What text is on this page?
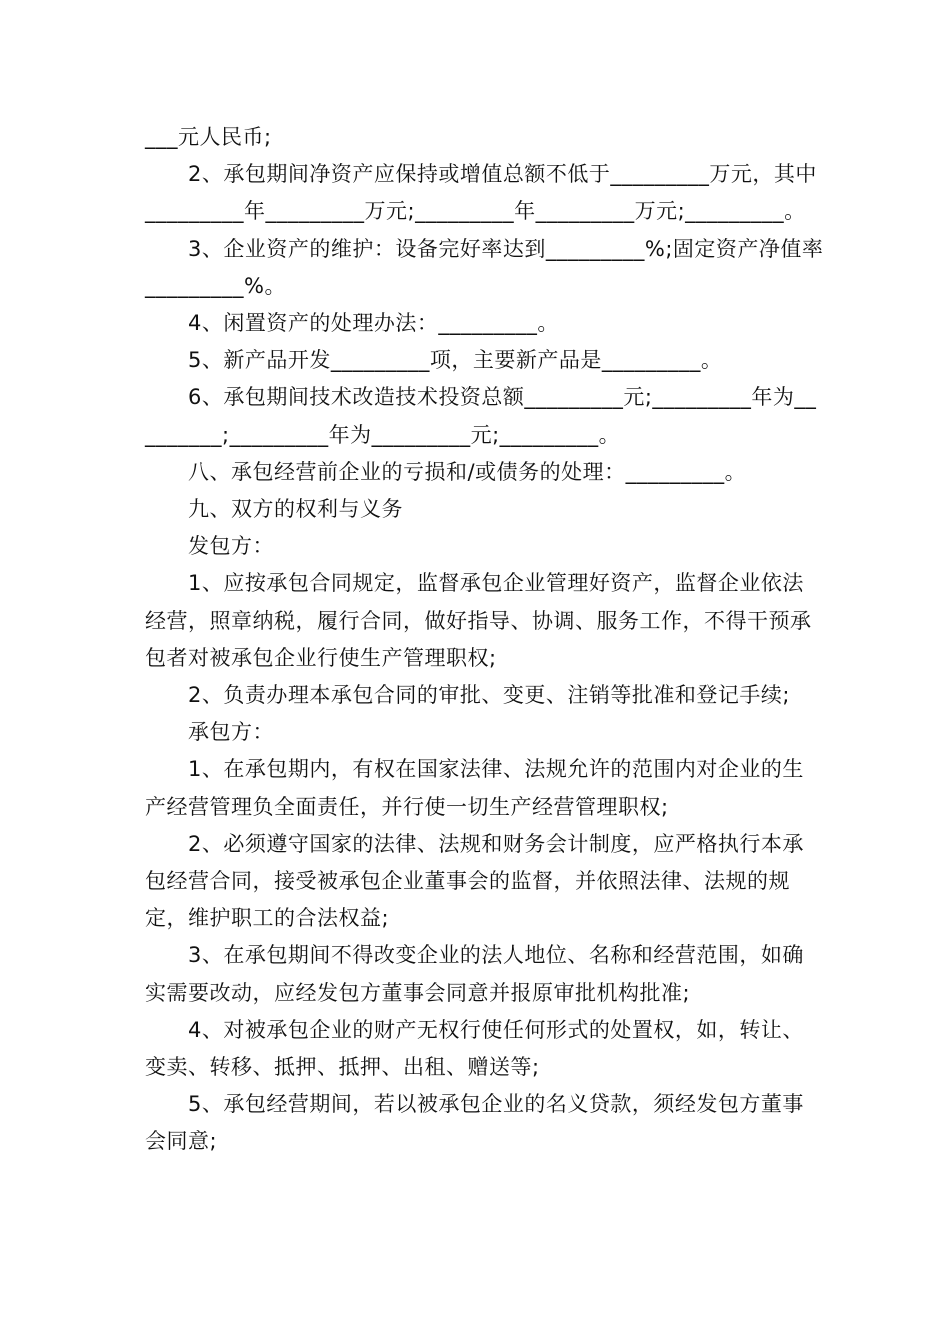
___元人民币;

2、承包期间净资产应保持或增值总额不低于_________万元，其中_________年_________万元;_________年_________万元;_________。

3、企业资产的维护：设备完好率达到_________%;固定资产净值率_________%。

4、闲置资产的处理办法：_________。

5、新产品开发_________项，主要新产品是_________。

6、承包期间技术改造技术投资总额_________元;_________年为_________;_________年为_________元;_________。

八、承包经营前企业的亏损和/或债务的处理：_________。

九、双方的权利与义务

发包方：

1、应按承包合同规定，监督承包企业管理好资产，监督企业依法经营，照章纳税，履行合同，做好指导、协调、服务工作，不得干预承包者对被承包企业行使生产管理职权;

2、负责办理本承包合同的审批、变更、注销等批准和登记手续;

承包方：

1、在承包期内，有权在国家法律、法规允许的范围内对企业的生产经营管理负全面责任，并行使一切生产经营管理职权;

2、必须遵守国家的法律、法规和财务会计制度，应严格执行本承包经营合同，接受被承包企业董事会的监督，并依照法律、法规的规定，维护职工的合法权益;

3、在承包期间不得改变企业的法人地位、名称和经营范围，如确实需要改动，应经发包方董事会同意并报原审批机构批准;

4、对被承包企业的财产无权行使任何形式的处置权，如，转让、变卖、转移、抵押、抵押、出租、赠送等;

5、承包经营期间，若以被承包企业的名义贷款，须经发包方董事会同意;
